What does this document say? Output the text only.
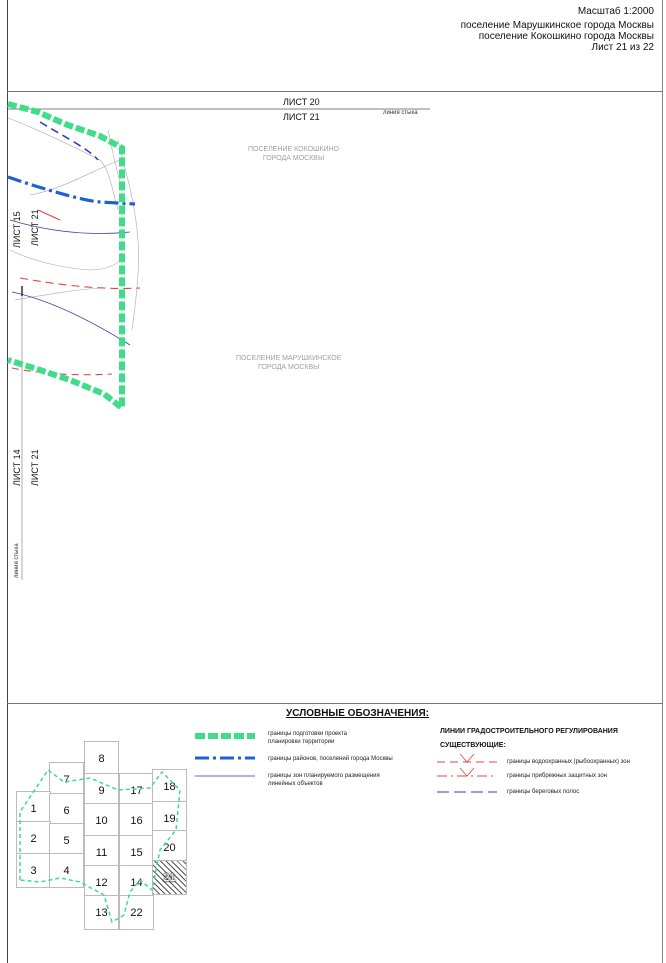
Масштаб 1:2000
поселение Марушкинское города Москвы
поселение Кокошкино города Москвы
Лист 21 из 22
ЛИСТ 20
ЛИСТ 21	линия стыка
ЛИСТ 15 ЛИСТ 21
ЛИСТ 14
линия стыка
ЛИСТ 21
ПОСЕЛЕНИЕ КОКОШКИНО
ГОРОДА МОСКВЫ
ПОСЕЛЕНИЕ МАРУШКИНСКОЕ
ГОРОДА МОСКВЫ
УСЛОВНЫЕ ОБОЗНАЧЕНИЯ:
границы подготовки проекта
планировки территории
границы районов, поселений города Москвы
границы зон планируемого размещения
линейных объектов
ЛИНИИ ГРАДОСТРОИТЕЛЬНОГО РЕГУЛИРОВАНИЯ
СУЩЕСТВУЮЩИЕ:
границы водоохранных (рыбоохранных) зон
границы прибрежных защитных зон
границы береговых полос
8
7
9 17 18
1 6
10 16 19
2 5
11 15 20
3 4
12 14 21
13 22
